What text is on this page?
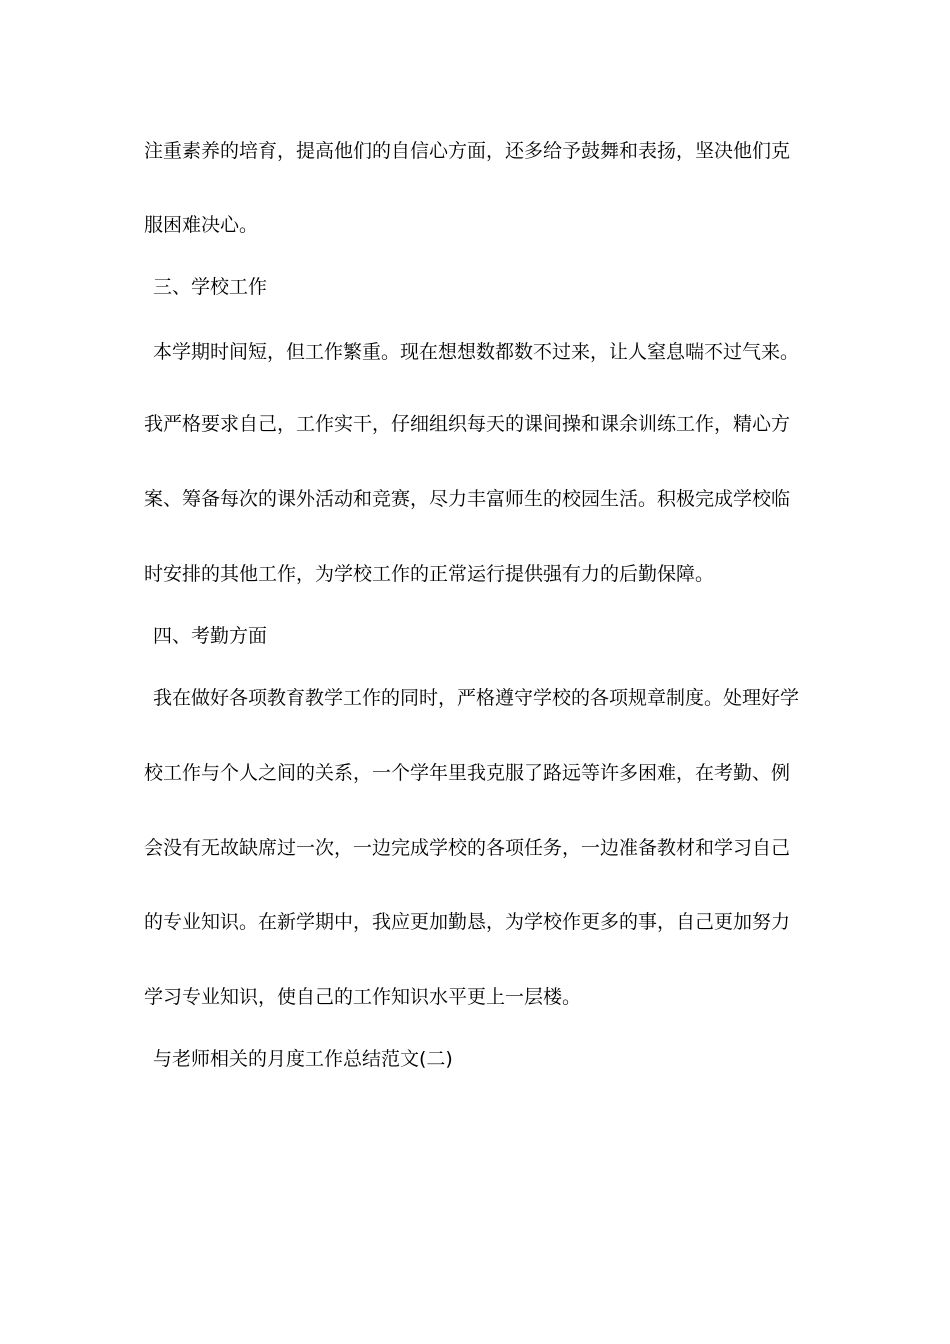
注重素养的培育，提高他们的自信心方面，还多给予鼓舞和表扬，坚决他们克
服困难决心。
三、学校工作
本学期时间短，但工作繁重。现在想想数都数不过来，让人窒息喘不过气来。
我严格要求自己，工作实干，仔细组织每天的课间操和课余训练工作，精心方
案、筹备每次的课外活动和竞赛，尽力丰富师生的校园生活。积极完成学校临
时安排的其他工作，为学校工作的正常运行提供强有力的后勤保障。
四、考勤方面
我在做好各项教育教学工作的同时，严格遵守学校的各项规章制度。处理好学
校工作与个人之间的关系，一个学年里我克服了路远等许多困难，在考勤、例
会没有无故缺席过一次，一边完成学校的各项任务，一边准备教材和学习自己
的专业知识。在新学期中，我应更加勤恳，为学校作更多的事，自己更加努力
学习专业知识，使自己的工作知识水平更上一层楼。
与老师相关的月度工作总结范文(二)
